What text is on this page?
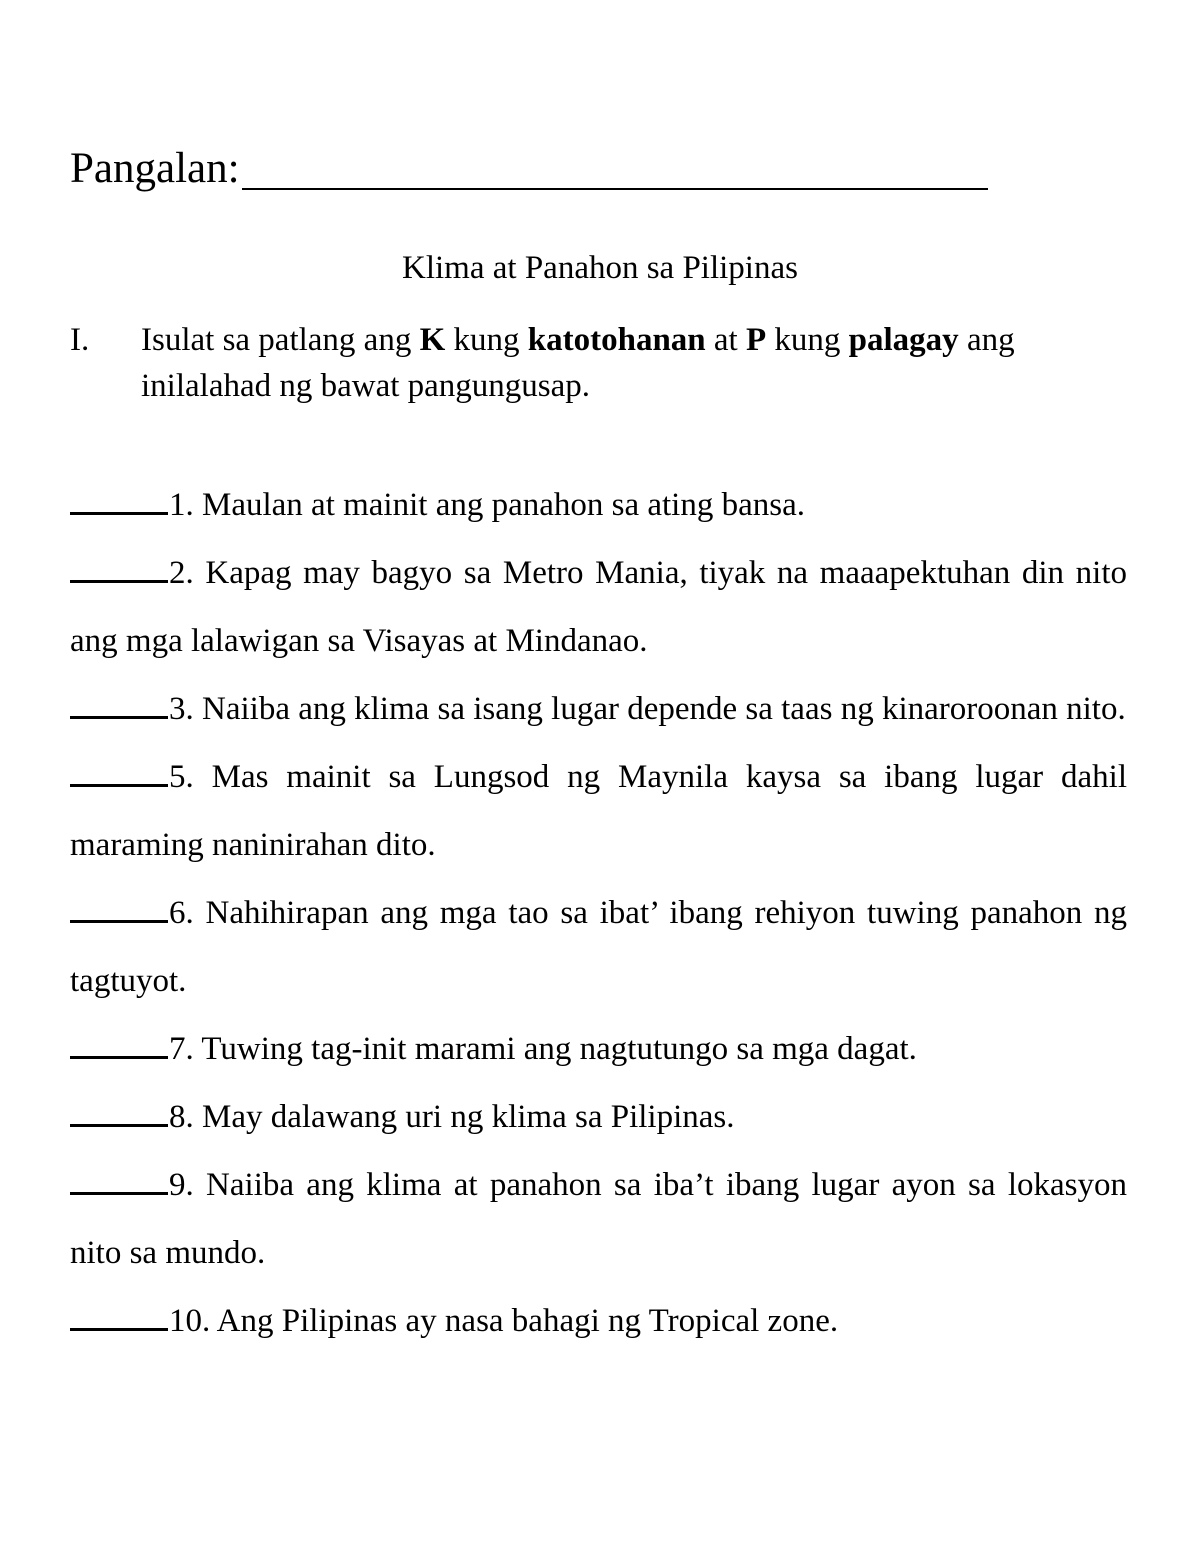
Pangalan:
Klima at Panahon sa Pilipinas
I. Isulat sa patlang ang K kung katotohanan at P kung palagay ang inilalahad ng bawat pangungusap.

1. Maulan at mainit ang panahon sa ating bansa.

2. Kapag may bagyo sa Metro Mania, tiyak na maaapektuhan din nito ang mga lalawigan sa Visayas at Mindanao.

3. Naiiba ang klima sa isang lugar depende sa taas ng kinaroroonan nito.

5. Mas mainit sa Lungsod ng Maynila kaysa sa ibang lugar dahil maraming naninirahan dito.

6. Nahihirapan ang mga tao sa ibat’ ibang rehiyon tuwing panahon ng tagtuyot.

7. Tuwing tag-init marami ang nagtutungo sa mga dagat.

8. May dalawang uri ng klima sa Pilipinas.

9. Naiiba ang klima at panahon sa iba’t ibang lugar ayon sa lokasyon nito sa mundo.

10. Ang Pilipinas ay nasa bahagi ng Tropical zone.
